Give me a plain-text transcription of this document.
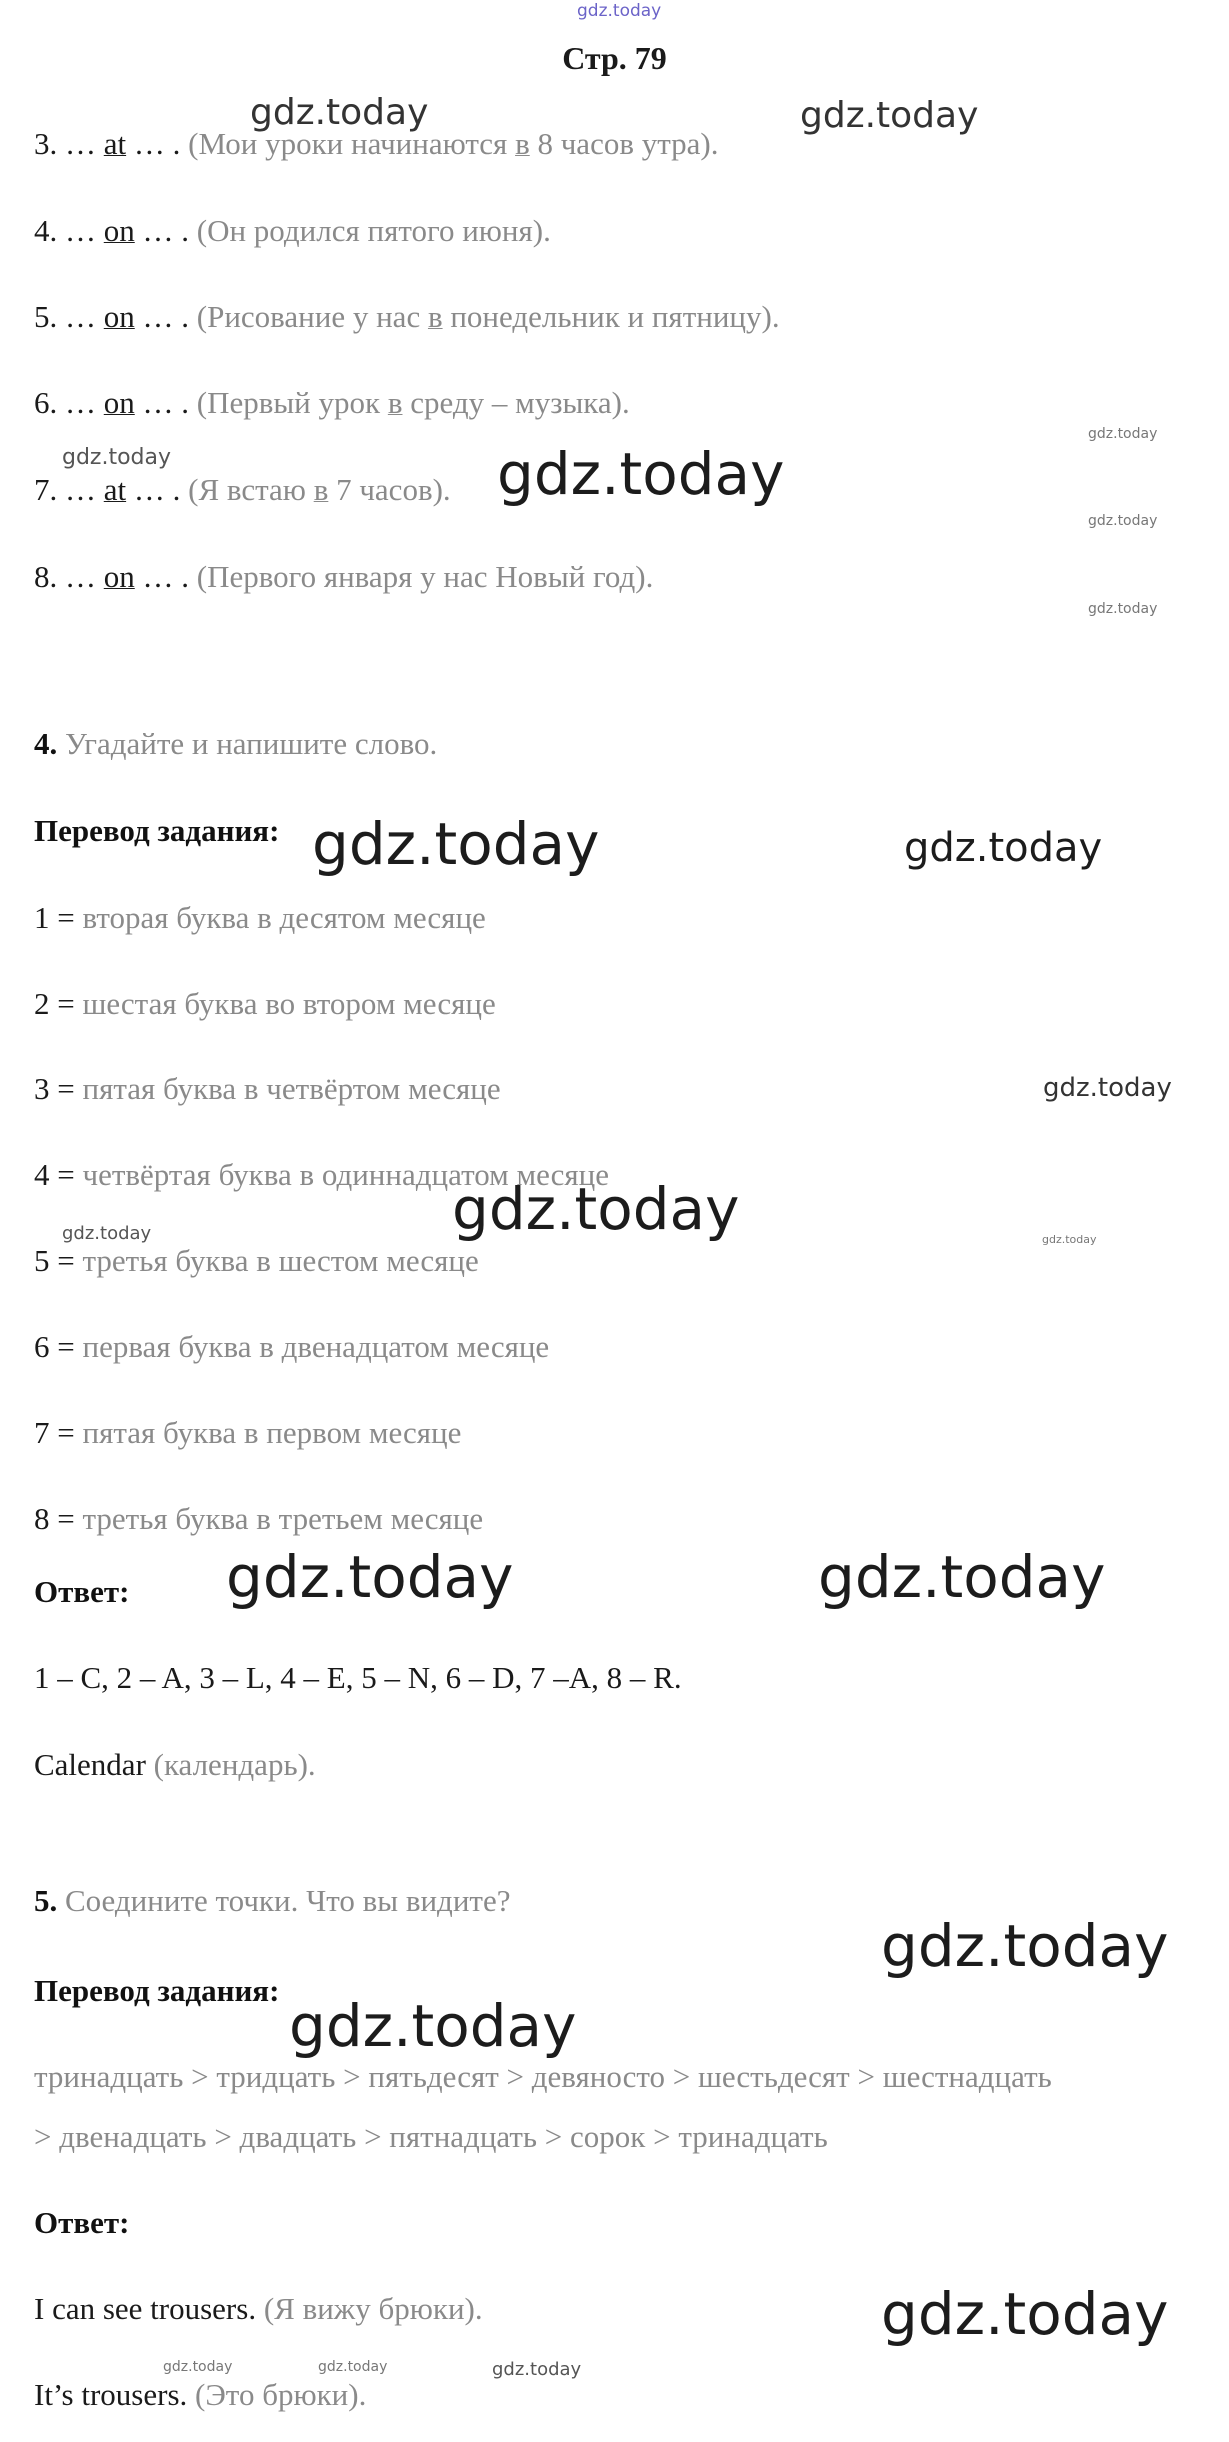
gdz.today
Стр. 79
3. … at … . (Мои уроки начинаются в 8 часов утра).
4. … on … . (Он родился пятого июня).
5. … on … . (Рисование у нас в понедельник и пятницу).
6. … on … . (Первый урок в среду – музыка).
7. … at … . (Я встаю в 7 часов).
8. … on … . (Первого января у нас Новый год).
4. Угадайте и напишите слово.
Перевод задания:
1 = вторая буква в десятом месяце
2 = шестая буква во втором месяце
3 = пятая буква в четвёртом месяце
4 = четвёртая буква в одиннадцатом месяце
5 = третья буква в шестом месяце
6 = первая буква в двенадцатом месяце
7 = пятая буква в первом месяце
8 = третья буква в третьем месяце
Ответ:
1 – C, 2 – A, 3 – L, 4 – E, 5 – N, 6 – D, 7 –A, 8 – R.
Calendar (календарь).
5. Соедините точки. Что вы видите?
Перевод задания:
тринадцать > тридцать > пятьдесят > девяносто > шестьдесят > шестнадцать
> двенадцать > двадцать > пятнадцать > сорок > тринадцать
Ответ:
I can see trousers. (Я вижу брюки).
It’s trousers. (Это брюки).
gdz.today	gdz.today
gdz.today	gdz.today
gdz.today
gdz.today
gdz.today
gdz.today	gdz.today
gdz.today
gdz.today
gdz.today	gdz.today
gdz.today	gdz.today
gdz.today
gdz.today
gdz.today
gdz.today	gdz.today	gdz.today
